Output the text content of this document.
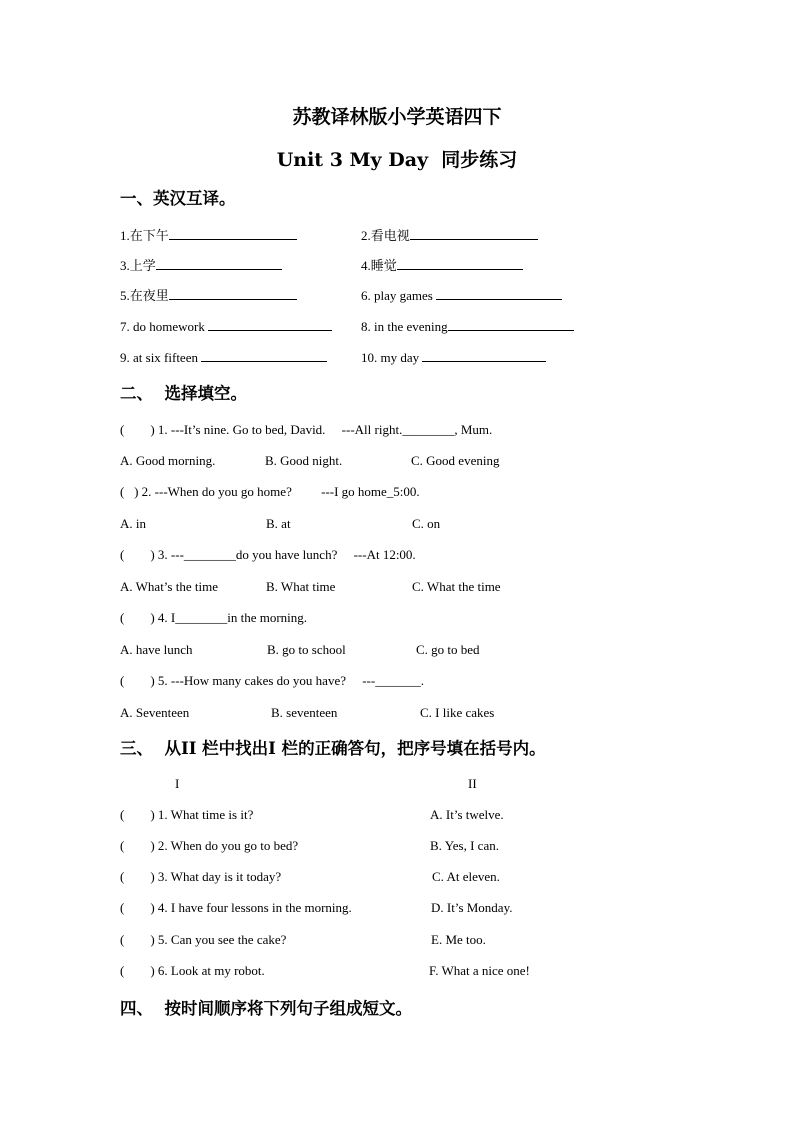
苏教译林版小学英语四下
Unit 3 My Day  同步练习
一、英汉互译。
1.在下午	2.看电视
3.上学	4.睡觉
5.在夜里	6. play games
7. do homework	8. in the evening
9. at six fifteen	10. my day
二、  选择填空。
(        ) 1. ---It’s nine. Go to bed, David.     ---All right.________, Mum.
A. Good morning.	B. Good night.	C. Good evening
(   ) 2. ---When do you go home?         ---I go home_5:00.
A. in	B. at	C. on
(        ) 3. ---________do you have lunch?     ---At 12:00.
A. What’s the time	B. What time	C. What the time
(        ) 4. I________in the morning.
A. have lunch	B. go to school	C. go to bed
(        ) 5. ---How many cakes do you have?     ---_______.
A. Seventeen	B. seventeen	C. I like cakes
三、  从II 栏中找出I 栏的正确答句，把序号填在括号内。
I	II
(        ) 1. What time is it?	A. It’s twelve.
(        ) 2. When do you go to bed?	B. Yes, I can.
(        ) 3. What day is it today?	C. At eleven.
(        ) 4. I have four lessons in the morning.	D. It’s Monday.
(        ) 5. Can you see the cake?	E. Me too.
(        ) 6. Look at my robot.	F. What a nice one!
四、  按时间顺序将下列句子组成短文。
